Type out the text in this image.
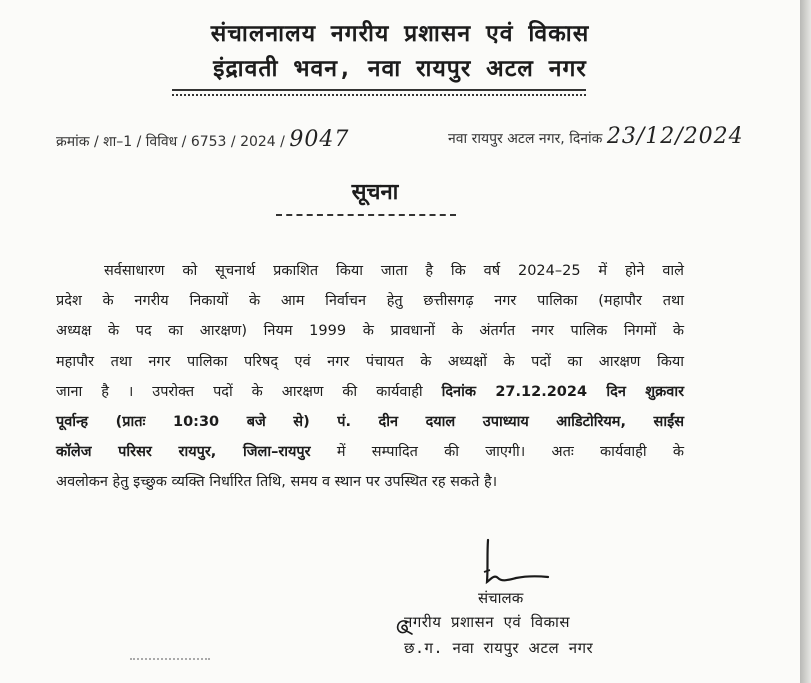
संचालनालय नगरीय प्रशासन एवं विकास
इंद्रावती भवन, नवा रायपुर अटल नगर
क्रमांक / शा–1 / विविध / 6753 / 2024 / 9047	नवा रायपुर अटल नगर, दिनांक 23/12/2024
सूचना
सर्वसाधारण को सूचनार्थ प्रकाशित किया जाता है कि वर्ष 2024–25 में होने वाले
प्रदेश के नगरीय निकायों के आम निर्वाचन हेतु छत्तीसगढ़ नगर पालिका (महापौर तथा
अध्यक्ष के पद का आरक्षण) नियम 1999 के प्रावधानों के अंतर्गत नगर पालिक निगमों के
महापौर तथा नगर पालिका परिषद् एवं नगर पंचायत के अध्यक्षों के पदों का आरक्षण किया
जाना है । उपरोक्त पदों के आरक्षण की कार्यवाही दिनांक 27.12.2024 दिन शुक्रवार
पूर्वान्ह (प्रातः 10:30 बजे से) पं. दीन दयाल उपाध्याय आडिटोरियम, साईंस
कॉलेज परिसर रायपुर, जिला–रायपुर में सम्पादित की जाएगी। अतः कार्यवाही के
अवलोकन हेतु इच्छुक व्यक्ति निर्धारित तिथि, समय व स्थान पर उपस्थित रह सकते है।
संचालक
नगरीय प्रशासन एवं विकास
छ.ग. नवा रायपुर अटल नगर
